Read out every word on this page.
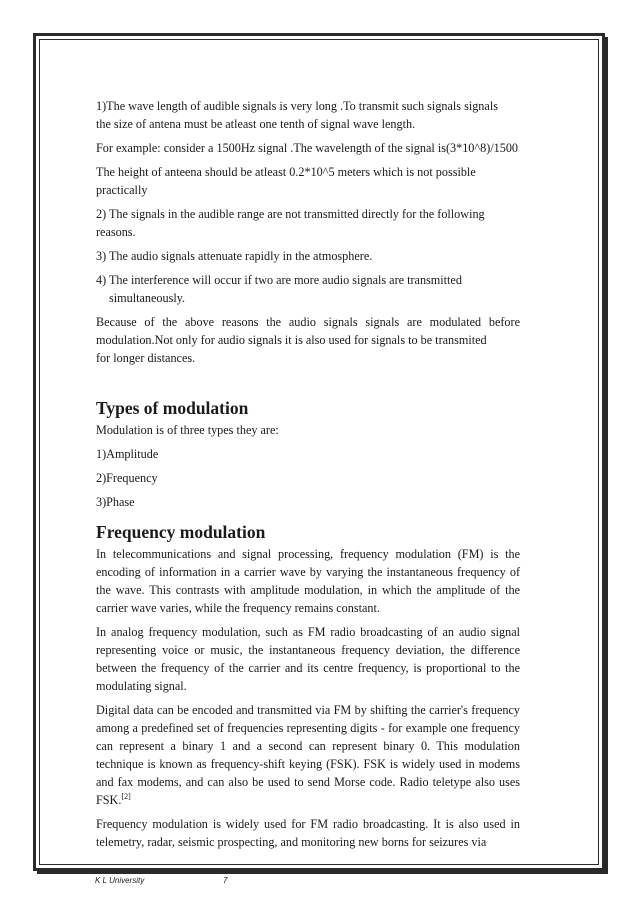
1)The wave length of audible signals is very long .To transmit such signals signals
the size of antena must be atleast one tenth of signal wave length.

For example: consider a 1500Hz signal .The wavelength of the signal is(3*10^8)/1500

The height of anteena should be atleast 0.2*10^5 meters which is not possible practically

2) The signals in the audible range are not transmitted directly for the following reasons.

3) The audio signals attenuate rapidly in the atmosphere.

4) The interference will occur if two are more audio signals are transmitted

simultaneously.

Because of the above reasons the audio signals signals are modulated before
modulation.Not only for audio signals it is also used for signals to be transmited
for longer distances.

Types of modulation

Modulation is of three types they are:

1)Amplitude

2)Frequency

3)Phase

Frequency modulation

In telecommunications and signal processing, frequency modulation (FM) is the encoding of information in a carrier wave by varying the instantaneous frequency of the wave. This contrasts with amplitude modulation, in which the amplitude of the carrier wave varies, while the frequency remains constant.

In analog frequency modulation, such as FM radio broadcasting of an audio signal representing voice or music, the instantaneous frequency deviation, the difference between the frequency of the carrier and its centre frequency, is proportional to the modulating signal.

Digital data can be encoded and transmitted via FM by shifting the carrier's frequency among a predefined set of frequencies representing digits - for example one frequency can represent a binary 1 and a second can represent binary 0. This modulation technique is known as frequency-shift keying (FSK). FSK is widely used in modems and fax modems, and can also be used to send Morse code. Radio teletype also uses FSK.[2]

Frequency modulation is widely used for FM radio broadcasting. It is also used in telemetry, radar, seismic prospecting, and monitoring new borns for seizures via

K L University	7
